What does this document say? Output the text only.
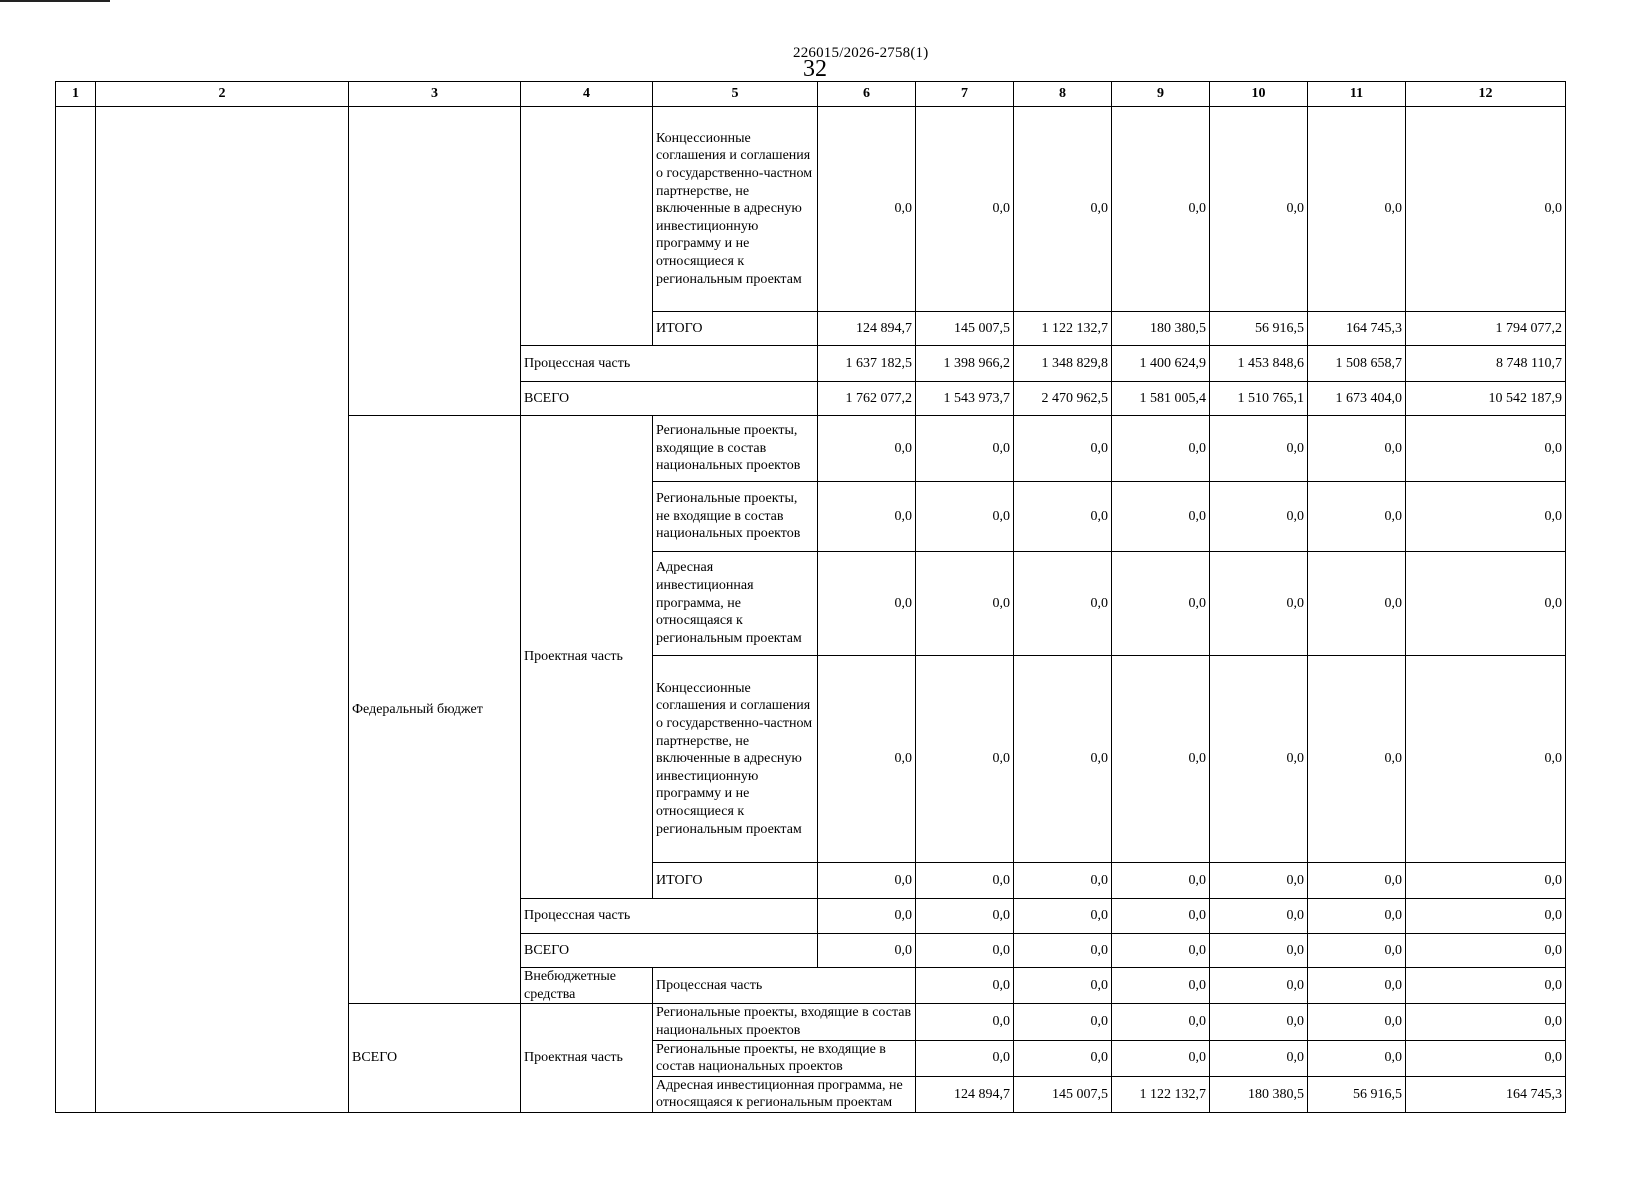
226015/2026-2758(1)
32
1	2	3	4	5	6	7	8	9	10	11	12	
				Концессионные соглашения и соглашения о государственно-частном партнерстве, не включенные в адресную инвестиционную программу и не относящиеся к региональным проектам	0,0	0,0	0,0	0,0	0,0	0,0	0,0	
				ИТОГО	124 894,7	145 007,5	1 122 132,7	180 380,5	56 916,5	164 745,3	1 794 077,2	
			Процессная часть		1 637 182,5	1 398 966,2	1 348 829,8	1 400 624,9	1 453 848,6	1 508 658,7	8 748 110,7	
			ВСЕГО		1 762 077,2	1 543 973,7	2 470 962,5	1 581 005,4	1 510 765,1	1 673 404,0	10 542 187,9	
		Федеральный бюджет	Проектная часть	Региональные проекты, входящие в состав национальных проектов	0,0	0,0	0,0	0,0	0,0	0,0	0,0	
				Региональные проекты, не входящие в состав национальных проектов	0,0	0,0	0,0	0,0	0,0	0,0	0,0	
				Адресная инвестиционная программа, не относящаяся к региональным проектам	0,0	0,0	0,0	0,0	0,0	0,0	0,0	
				Концессионные соглашения и соглашения о государственно-частном партнерстве, не включенные в адресную инвестиционную программу и не относящиеся к региональным проектам	0,0	0,0	0,0	0,0	0,0	0,0	0,0	
				ИТОГО	0,0	0,0	0,0	0,0	0,0	0,0	0,0	
			Процессная часть		0,0	0,0	0,0	0,0	0,0	0,0	0,0	
			ВСЕГО		0,0	0,0	0,0	0,0	0,0	0,0	0,0	
			Внебюджетные средства	Процессная часть		0,0	0,0	0,0	0,0	0,0	0,0	
		ВСЕГО	Проектная часть	Региональные проекты, входящие в состав национальных проектов		0,0	0,0	0,0	0,0	0,0	0,0	
				Региональные проекты, не входящие в состав национальных проектов		0,0	0,0	0,0	0,0	0,0	0,0	
				Адресная инвестиционная программа, не относящаяся к региональным проектам		124 894,7	145 007,5	1 122 132,7	180 380,5	56 916,5	164 745,3	
